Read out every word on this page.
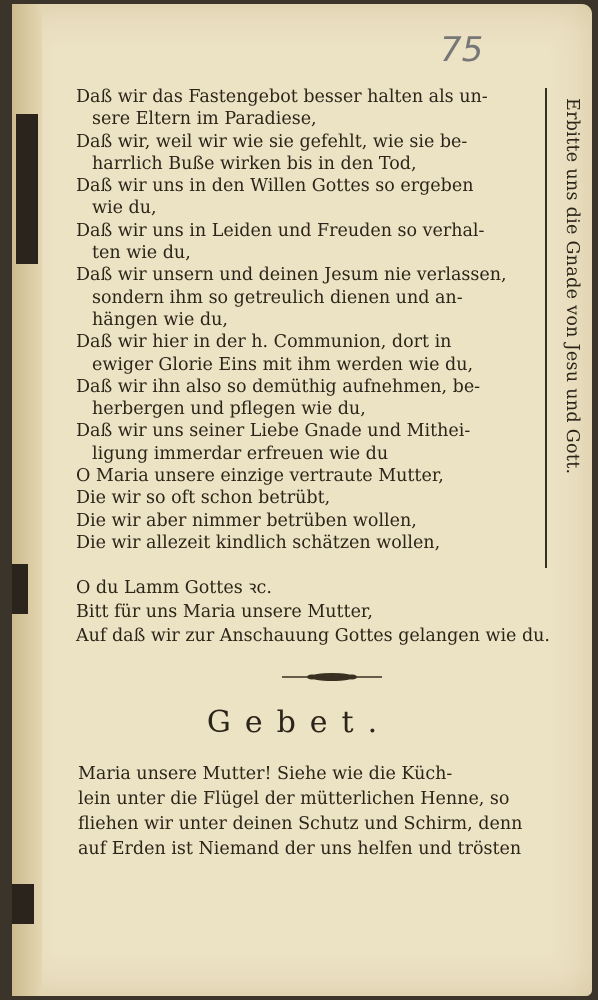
75
Daß wir das Fastengebot besser halten als un-
sere Eltern im Paradiese,
Daß wir, weil wir wie sie gefehlt, wie sie be-
harrlich Buße wirken bis in den Tod,
Daß wir uns in den Willen Gottes so ergeben
wie du,
Daß wir uns in Leiden und Freuden so verhal-
ten wie du,
Daß wir unsern und deinen Jesum nie verlassen,
sondern ihm so getreulich dienen und an-
hängen wie du,
Daß wir hier in der h. Communion, dort in
ewiger Glorie Eins mit ihm werden wie du,
Daß wir ihn also so demüthig aufnehmen, be-
herbergen und pflegen wie du,
Daß wir uns seiner Liebe Gnade und Mithei-
ligung immerdar erfreuen wie du
O Maria unsere einzige vertraute Mutter,
Die wir so oft schon betrübt,
Die wir aber nimmer betrüben wollen,
Die wir allezeit kindlich schätzen wollen,
Erbitte uns die Gnade von Jesu und Gott.
O du Lamm Gottes ꝛc.
Bitt für uns Maria unsere Mutter,
Auf daß wir zur Anschauung Gottes gelangen wie du.
Gebet.
Maria unsere Mutter! Siehe wie die Küch-
lein unter die Flügel der mütterlichen Henne, so
fliehen wir unter deinen Schutz und Schirm, denn
auf Erden ist Niemand der uns helfen und trösten
